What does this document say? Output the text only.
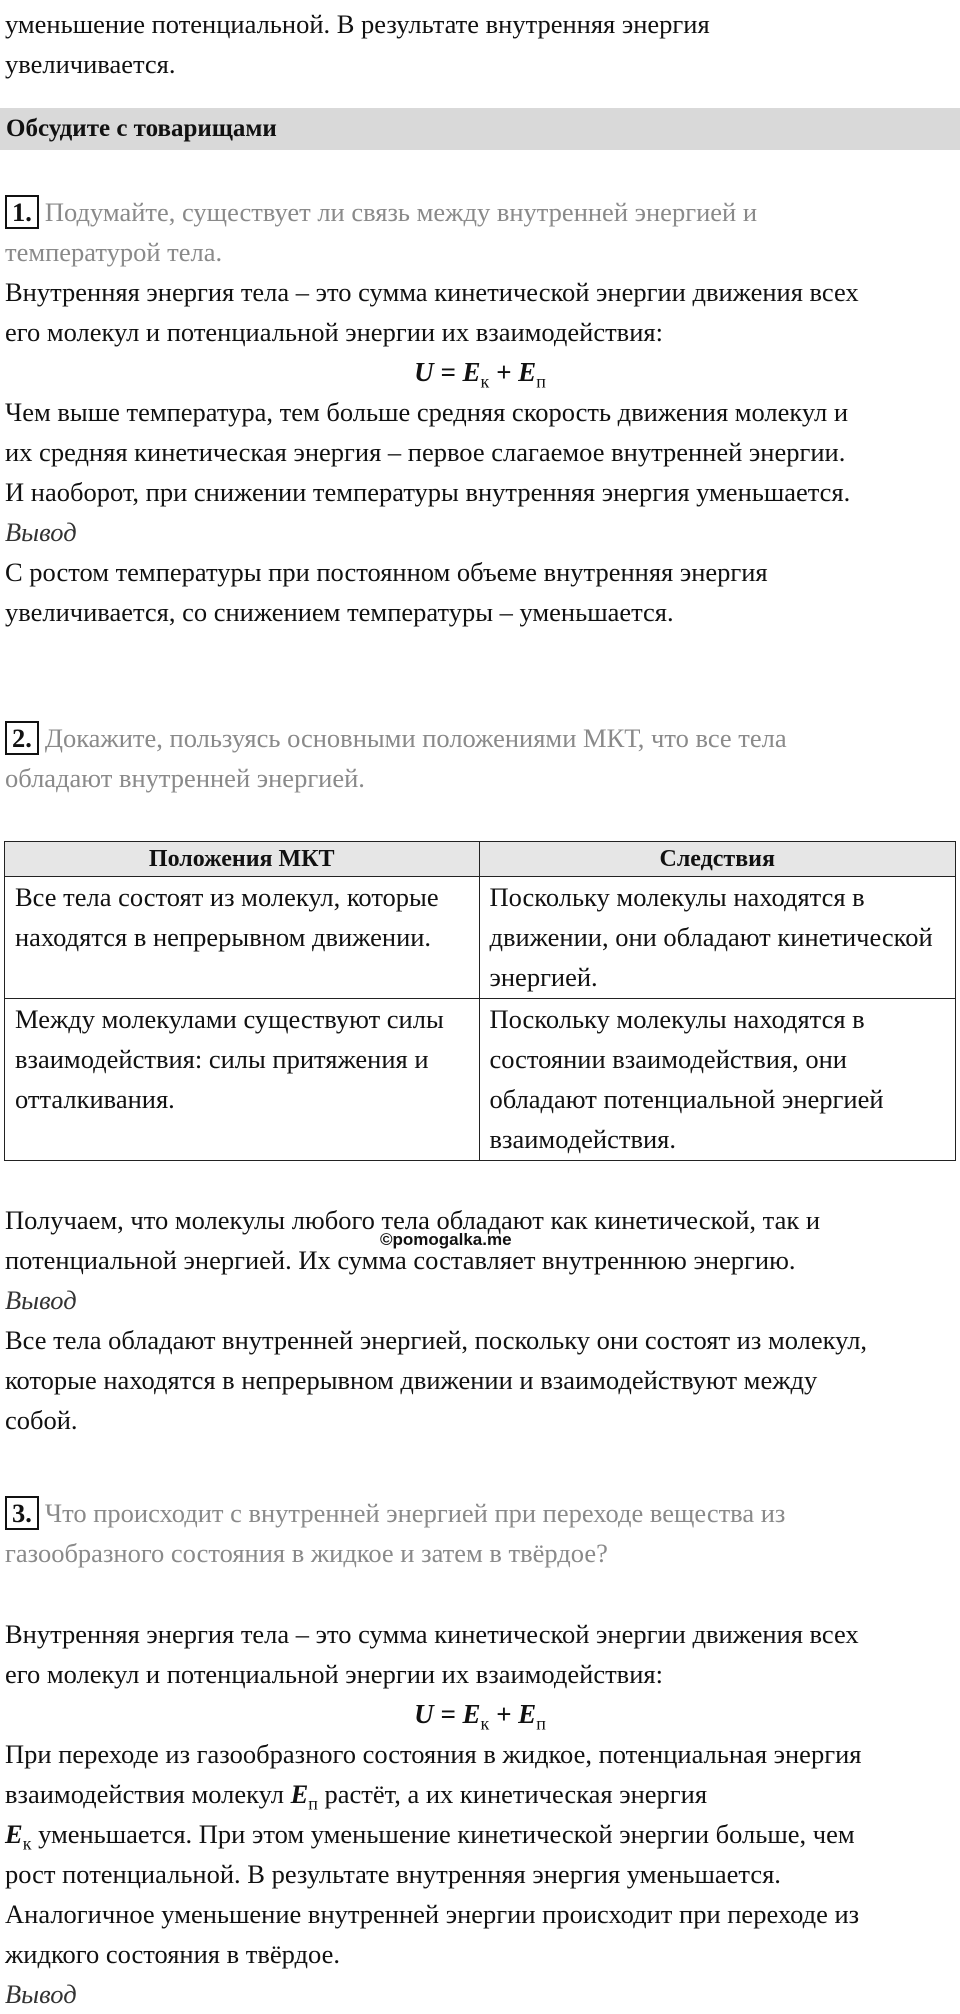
уменьшение потенциальной. В результате внутренняя энергия
увеличивается.
Обсудите с товарищами
1. Подумайте, существует ли связь между внутренней энергией и
температурой тела.
Внутренняя энергия тела – это сумма кинетической энергии движения всех
его молекул и потенциальной энергии их взаимодействия:
$U = E_к + E_п$
Чем выше температура, тем больше средняя скорость движения молекул и
их средняя кинетическая энергия – первое слагаемое внутренней энергии.
И наоборот, при снижении температуры внутренняя энергия уменьшается.
Вывод
С ростом температуры при постоянном объеме внутренняя энергия
увеличивается, со снижением температуры – уменьшается.
2. Докажите, пользуясь основными положениями МКТ, что все тела
обладают внутренней энергией.
Положения МКТ	Следствия
Все тела состоят из молекул, которые находятся в непрерывном движении.	Поскольку молекулы находятся в движении, они обладают кинетической энергией.
Между молекулами существуют силы взаимодействия: силы притяжения и отталкивания.	Поскольку молекулы находятся в состоянии взаимодействия, они обладают потенциальной энергией взаимодействия.
Получаем, что молекулы любого тела обладают как кинетической, так и
потенциальной энергией. Их сумма составляет внутреннюю энергию.
©pomogalka.me
Вывод
Все тела обладают внутренней энергией, поскольку они состоят из молекул,
которые находятся в непрерывном движении и взаимодействуют между
собой.
3. Что происходит с внутренней энергией при переходе вещества из
газообразного состояния в жидкое и затем в твёрдое?
Внутренняя энергия тела – это сумма кинетической энергии движения всех
его молекул и потенциальной энергии их взаимодействия:
$U = E_к + E_п$
При переходе из газообразного состояния в жидкое, потенциальная энергия
взаимодействия молекул $E_п$ растёт, а их кинетическая энергия
$E_к$ уменьшается. При этом уменьшение кинетической энергии больше, чем
рост потенциальной. В результате внутренняя энергия уменьшается.
Аналогичное уменьшение внутренней энергии происходит при переходе из
жидкого состояния в твёрдое.
Вывод
